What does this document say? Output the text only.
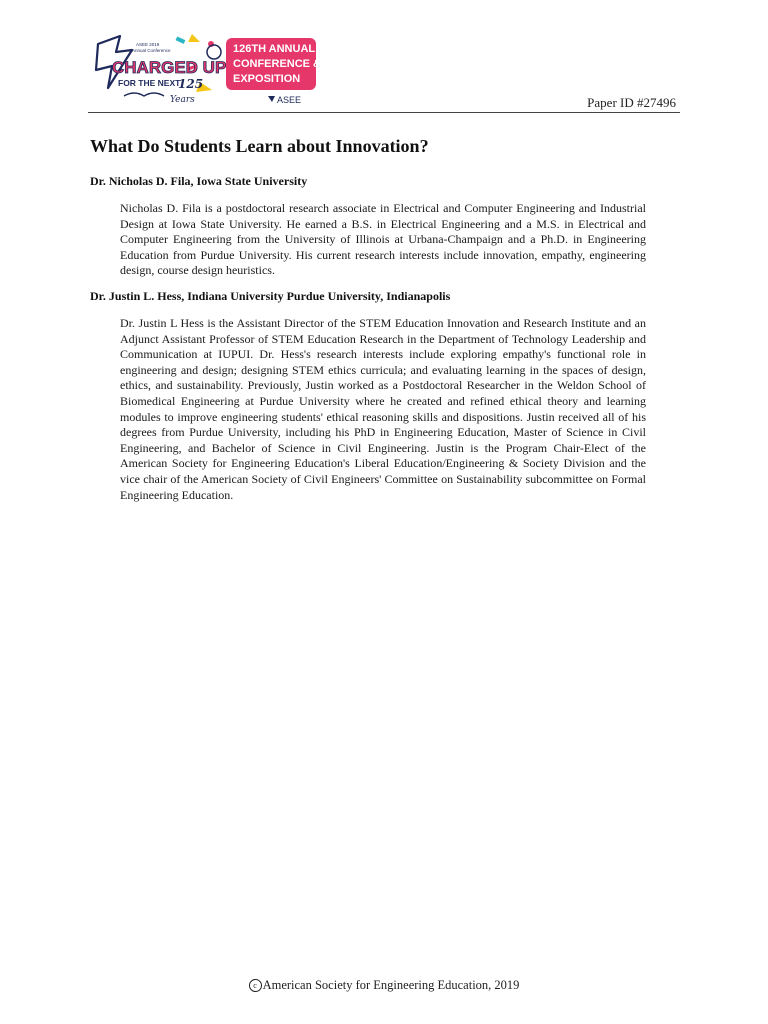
ASEE 2019
Annual Conference
CHARGED UP
FOR THE NEXT
125
Years
126TH ANNUAL
CONFERENCE &
EXPOSITION
ASEE	Paper ID #27496
What Do Students Learn about Innovation?

Dr. Nicholas D. Fila, Iowa State University

Nicholas D. Fila is a postdoctoral research associate in Electrical and Computer Engineering and Industrial Design at Iowa State University. He earned a B.S. in Electrical Engineering and a M.S. in Electrical and Computer Engineering from the University of Illinois at Urbana-Champaign and a Ph.D. in Engineering Education from Purdue University. His current research interests include innovation, empathy, engineering design, course design heuristics.

Dr. Justin L. Hess, Indiana University Purdue University, Indianapolis

Dr. Justin L Hess is the Assistant Director of the STEM Education Innovation and Research Institute and an Adjunct Assistant Professor of STEM Education Research in the Department of Technology Leadership and Communication at IUPUI. Dr. Hess's research interests include exploring empathy's functional role in engineering and design; designing STEM ethics curricula; and evaluating learning in the spaces of design, ethics, and sustainability. Previously, Justin worked as a Postdoctoral Researcher in the Weldon School of Biomedical Engineering at Purdue University where he created and refined ethical theory and learning modules to improve engineering students' ethical reasoning skills and dispositions. Justin received all of his degrees from Purdue University, including his PhD in Engineering Education, Master of Science in Civil Engineering, and Bachelor of Science in Civil Engineering. Justin is the Program Chair-Elect of the American Society for Engineering Education's Liberal Education/Engineering & Society Division and the vice chair of the American Society of Civil Engineers' Committee on Sustainability subcommittee on Formal Engineering Education.

c American Society for Engineering Education, 2019
